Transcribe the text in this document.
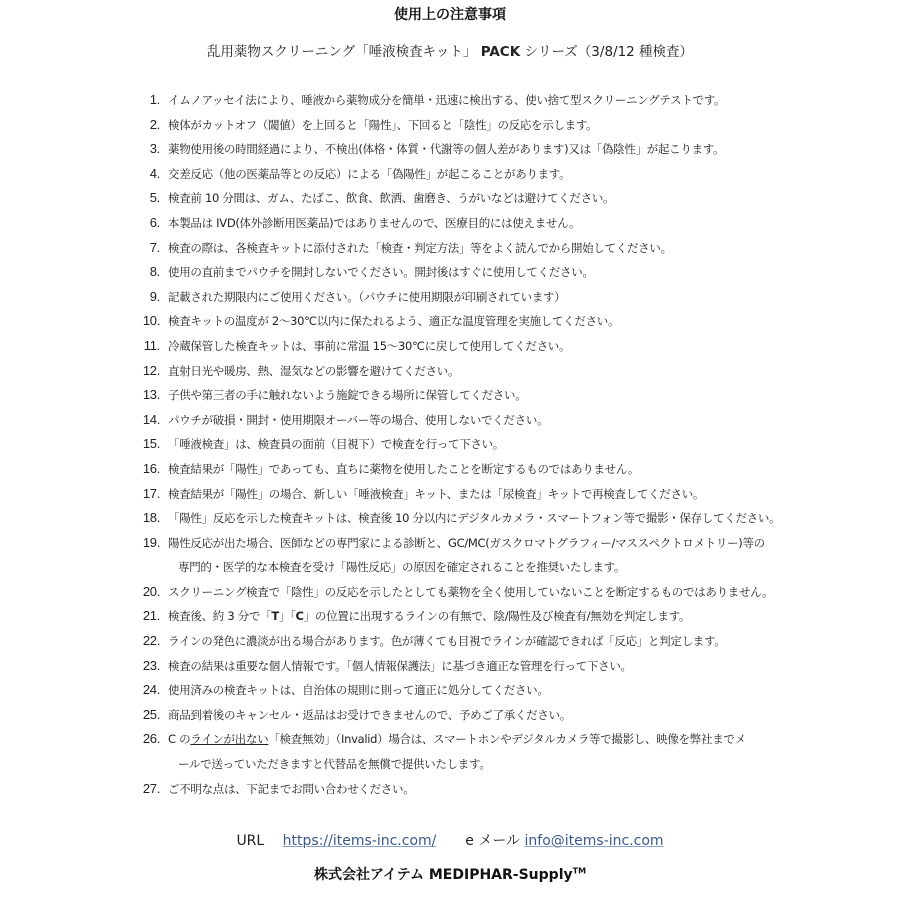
使用上の注意事項
乱用薬物スクリーニング「唾液検査キット」 PACK シリーズ（3/8/12 種検査）
1. イムノアッセイ法により、唾液から薬物成分を簡単・迅速に検出する、使い捨て型スクリーニングテストです。
2. 検体がカットオフ（閾値）を上回ると「陽性」、下回ると「陰性」の反応を示します。
3. 薬物使用後の時間経過により、不検出(体格・体質・代謝等の個人差があります)又は「偽陰性」が起こります。
4. 交差反応（他の医薬品等との反応）による「偽陽性」が起こることがあります。
5. 検査前 10 分間は、ガム、たばこ、飲食、飲酒、歯磨き、うがいなどは避けてください。
6. 本製品は IVD(体外診断用医薬品)ではありませんので、医療目的には使えません。
7. 検査の際は、各検査キットに添付された「検査・判定方法」等をよく読んでから開始してください。
8. 使用の直前までパウチを開封しないでください。開封後はすぐに使用してください。
9. 記載された期限内にご使用ください。（パウチに使用期限が印刷されています）
10. 検査キットの温度が 2～30℃以内に保たれるよう、適正な温度管理を実施してください。
11. 冷蔵保管した検査キットは、事前に常温 15～30℃に戻して使用してください。
12. 直射日光や暖房、熱、湿気などの影響を避けてください。
13. 子供や第三者の手に触れないよう施錠できる場所に保管してください。
14. パウチが破損・開封・使用期限オーバー等の場合、使用しないでください。
15. 「唾液検査」は、検査員の面前（目視下）で検査を行って下さい。
16. 検査結果が「陽性」であっても、直ちに薬物を使用したことを断定するものではありません。
17. 検査結果が「陽性」の場合、新しい「唾液検査」キット、または「尿検査」キットで再検査してください。
18. 「陽性」反応を示した検査キットは、検査後 10 分以内にデジタルカメラ・スマートフォン等で撮影・保存してください。
19. 陽性反応が出た場合、医師などの専門家による診断と、GC/MC(ガスクロマトグラフィー/マススペクトロメトリー)等の
専門的・医学的な本検査を受け「陽性反応」の原因を確定されることを推奨いたします。
20. スクリーニング検査で「陰性」の反応を示したとしても薬物を全く使用していないことを断定するものではありません。
21. 検査後、約 3 分で「T」「C」の位置に出現するラインの有無で、陰/陽性及び検査有/無効を判定します。
22. ラインの発色に濃淡が出る場合があります。色が薄くても目視でラインが確認できれば「反応」と判定します。
23. 検査の結果は重要な個人情報です。「個人情報保護法」に基づき適正な管理を行って下さい。
24. 使用済みの検査キットは、自治体の規則に則って適正に処分してください。
25. 商品到着後のキャンセル・返品はお受けできませんので、予めご了承ください。
26. C のラインが出ない「検査無効」（Invalid）場合は、スマートホンやデジタルカメラ等で撮影し、映像を弊社までメ
ールで送っていただきますと代替品を無償で提供いたします。
27. ご不明な点は、下記までお問い合わせください。
URL https://items-inc.com/ e メール info@items-inc.com
株式会社アイテム MEDIPHAR-Supply™
